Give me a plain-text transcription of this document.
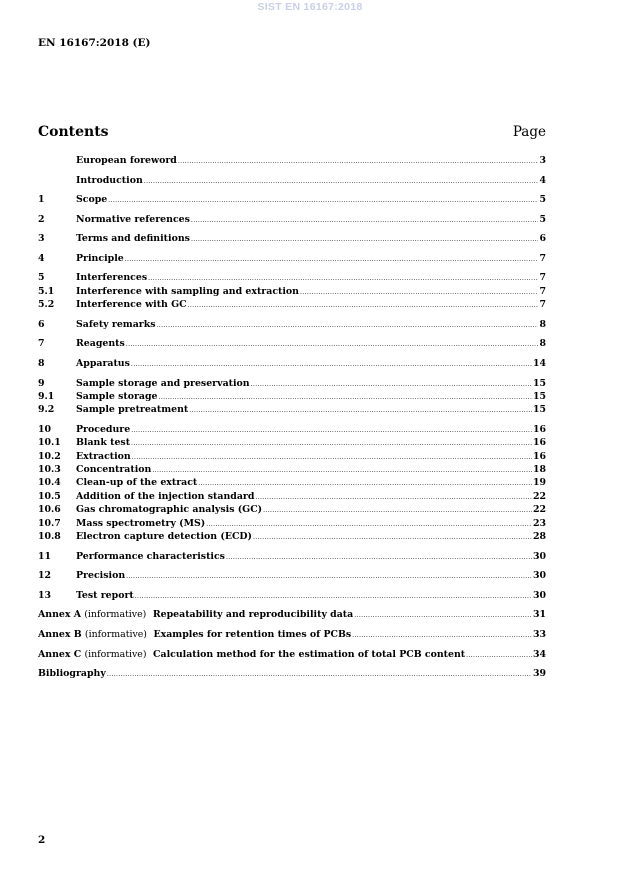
SIST EN 16167:2018
EN 16167:2018 (E)
Contents	Page
European foreword .....	3
Introduction .....	4
1	Scope .....	5
2	Normative references .....	5
3	Terms and definitions .....	6
4	Principle .....	7
5	Interferences .....	7
5.1	Interference with sampling and extraction .....	7
5.2	Interference with GC .....	7
6	Safety remarks .....	8
7	Reagents .....	8
8	Apparatus .....	14
9	Sample storage and preservation .....	15
9.1	Sample storage .....	15
9.2	Sample pretreatment .....	15
10	Procedure .....	16
10.1	Blank test .....	16
10.2	Extraction .....	16
10.3	Concentration .....	18
10.4	Clean-up of the extract .....	19
10.5	Addition of the injection standard .....	22
10.6	Gas chromatographic analysis (GC) .....	22
10.7	Mass spectrometry (MS) .....	23
10.8	Electron capture detection (ECD) .....	28
11	Performance characteristics .....	30
12	Precision .....	30
13	Test report .....	30
Annex A (informative) Repeatability and reproducibility data .....	31
Annex B (informative) Examples for retention times of PCBs .....	33
Annex C (informative) Calculation method for the estimation of total PCB content .....	34
Bibliography .....	39
2
